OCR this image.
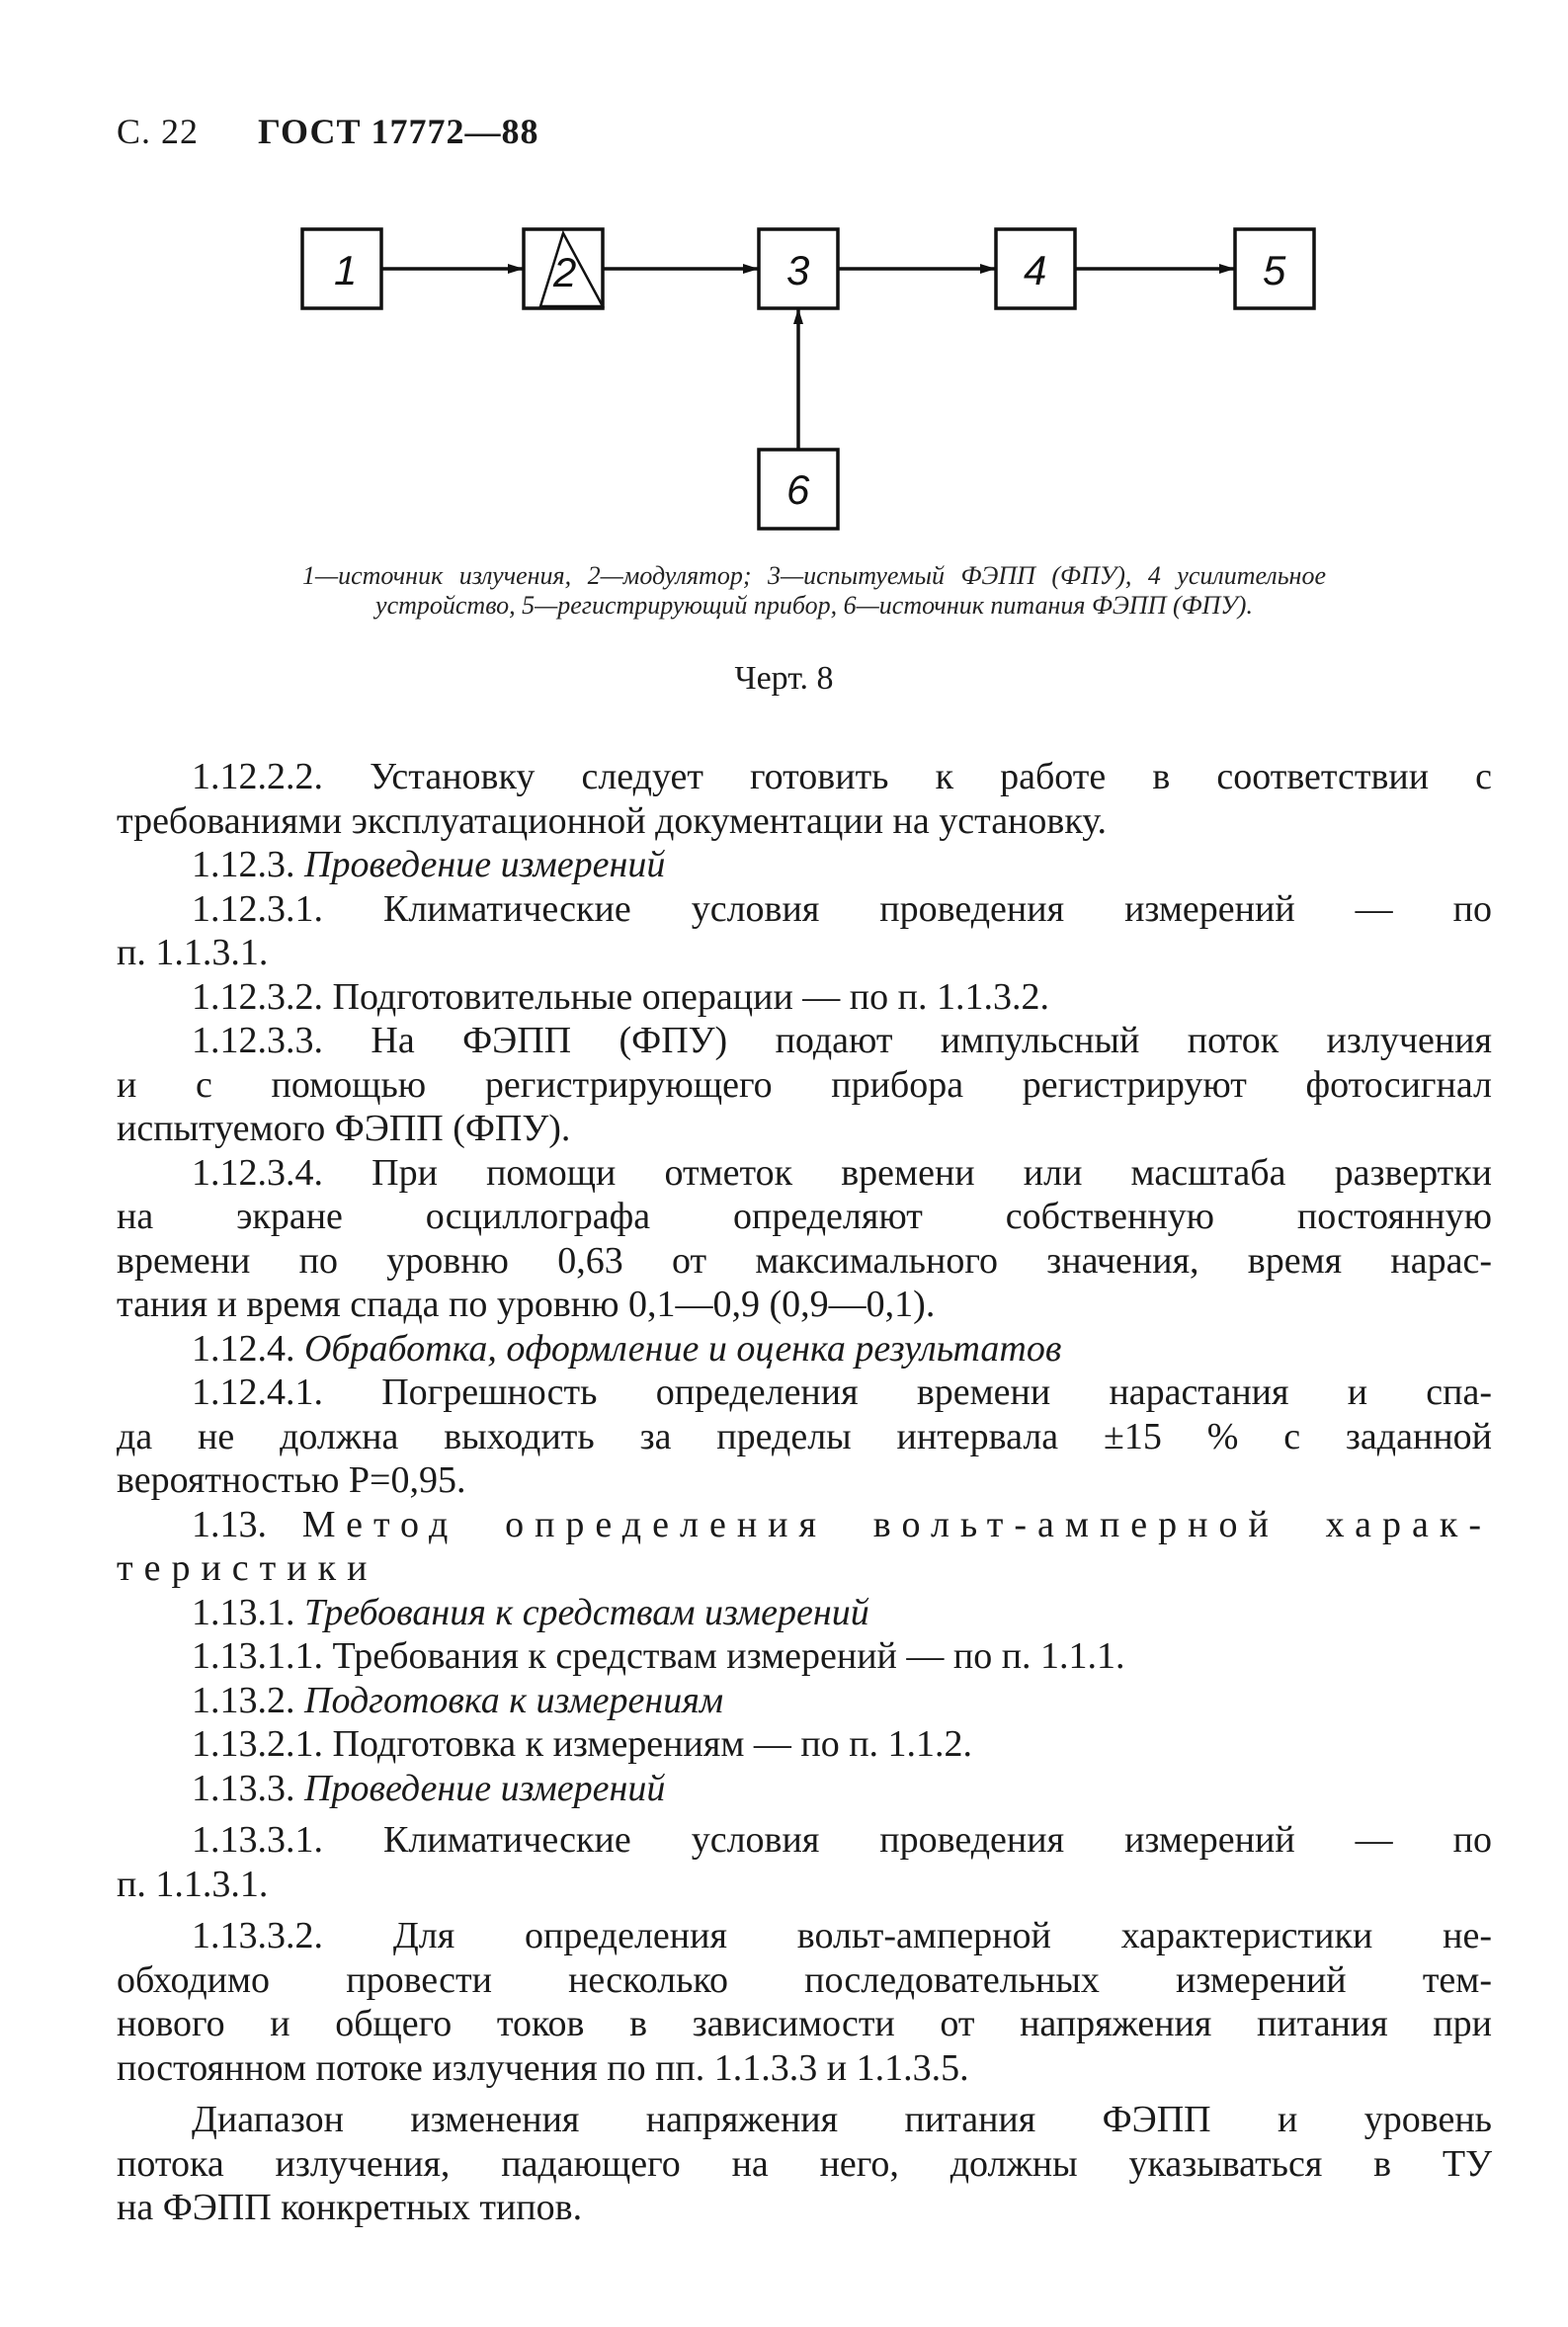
С. 22 ГОСТ 17772—88
1	2	3	4	5
6
1—источник излучения, 2—модулятор; 3—испытуемый ФЭПП (ФПУ), 4 усилительное устройство, 5—регистрирующий прибор, 6—источник питания ФЭПП (ФПУ).
Черт. 8

1.12.2.2. Установку следует готовить к работе в соответствии с

требованиями эксплуатационной документации на установку.

1.12.3. Проведение измерений

1.12.3.1. Климатические условия проведения измерений — по

п. 1.1.3.1.

1.12.3.2. Подготовительные операции — по п. 1.1.3.2.

1.12.3.3. На ФЭПП (ФПУ) подают импульсный поток излучения

и с помощью регистрирующего прибора регистрируют фотосигнал

испытуемого ФЭПП (ФПУ).

1.12.3.4. При помощи отметок времени или масштаба развертки

на экране осциллографа определяют собственную постоянную

времени по уровню 0,63 от максимального значения, время нарас-

тания и время спада по уровню 0,1—0,9 (0,9—0,1).

1.12.4. Обработка, оформление и оценка результатов

1.12.4.1. Погрешность определения времени нарастания и спа-

да не должна выходить за пределы интервала ±15 % с заданной

вероятностью Р=0,95.

1.13. Метод определения вольт-амперной харак-

теристики

1.13.1. Требования к средствам измерений

1.13.1.1. Требования к средствам измерений — по п. 1.1.1.

1.13.2. Подготовка к измерениям

1.13.2.1. Подготовка к измерениям — по п. 1.1.2.

1.13.3. Проведение измерений

1.13.3.1. Климатические условия проведения измерений — по

п. 1.1.3.1.

1.13.3.2. Для определения вольт-амперной характеристики не-

обходимо провести несколько последовательных измерений тем-

нового и общего токов в зависимости от напряжения питания при

постоянном потоке излучения по пп. 1.1.3.3 и 1.1.3.5.

Диапазон изменения напряжения питания ФЭПП и уровень

потока излучения, падающего на него, должны указываться в ТУ

на ФЭПП конкретных типов.
